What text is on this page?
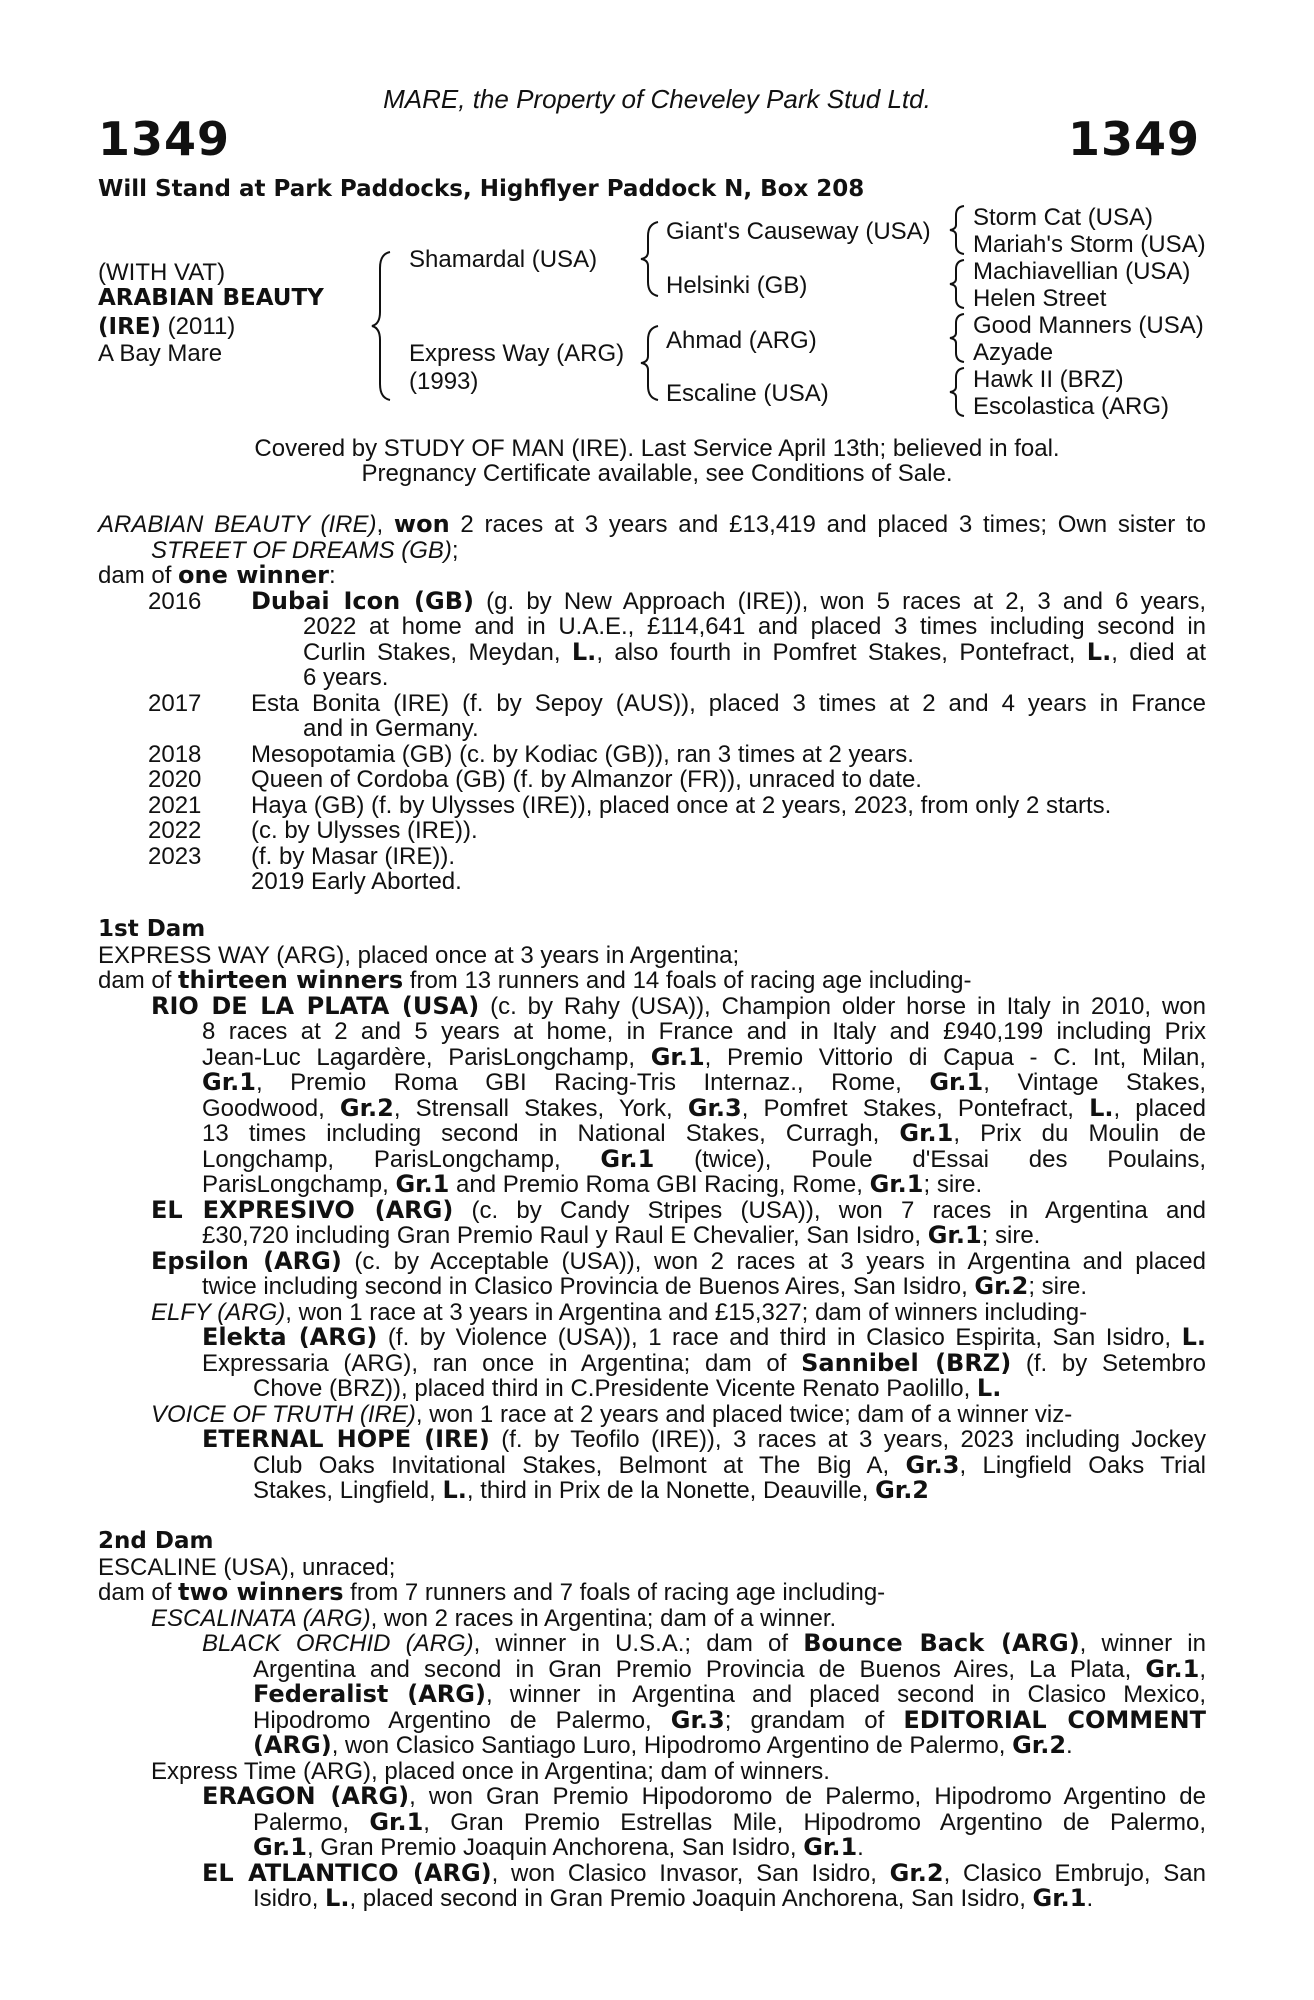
MARE, the Property of Cheveley Park Stud Ltd.
1349	1349
Will Stand at Park Paddocks, Highflyer Paddock N, Box 208
(WITH VAT)
ARABIAN BEAUTY
(IRE) (2011)
A Bay Mare
Shamardal (USA)
Express Way (ARG)
(1993)
Giant's Causeway (USA)
Helsinki (GB)
Ahmad (ARG)
Escaline (USA)
Storm Cat (USA)
Mariah's Storm (USA)
Machiavellian (USA)
Helen Street
Good Manners (USA)
Azyade
Hawk II (BRZ)
Escolastica (ARG)
Covered by STUDY OF MAN (IRE). Last Service April 13th; believed in foal.
Pregnancy Certificate available, see Conditions of Sale.
ARABIAN BEAUTY (IRE), won 2 races at 3 years and £13,419 and placed 3 times; Own sister to
STREET OF DREAMS (GB);
dam of one winner:
2016 Dubai Icon (GB) (g. by New Approach (IRE)), won 5 races at 2, 3 and 6 years,
2022 at home and in U.A.E., £114,641 and placed 3 times including second in
Curlin Stakes, Meydan, L., also fourth in Pomfret Stakes, Pontefract, L., died at
6 years.
2017 Esta Bonita (IRE) (f. by Sepoy (AUS)), placed 3 times at 2 and 4 years in France
and in Germany.
2018 Mesopotamia (GB) (c. by Kodiac (GB)), ran 3 times at 2 years.
2020 Queen of Cordoba (GB) (f. by Almanzor (FR)), unraced to date.
2021 Haya (GB) (f. by Ulysses (IRE)), placed once at 2 years, 2023, from only 2 starts.
2022 (c. by Ulysses (IRE)).
2023 (f. by Masar (IRE)).
2019 Early Aborted.
1st Dam
EXPRESS WAY (ARG), placed once at 3 years in Argentina;
dam of thirteen winners from 13 runners and 14 foals of racing age including-
RIO DE LA PLATA (USA) (c. by Rahy (USA)), Champion older horse in Italy in 2010, won
8 races at 2 and 5 years at home, in France and in Italy and £940,199 including Prix
Jean-Luc Lagardère, ParisLongchamp, Gr.1, Premio Vittorio di Capua - C. Int, Milan,
Gr.1, Premio Roma GBI Racing-Tris Internaz., Rome, Gr.1, Vintage Stakes,
Goodwood, Gr.2, Strensall Stakes, York, Gr.3, Pomfret Stakes, Pontefract, L., placed
13 times including second in National Stakes, Curragh, Gr.1, Prix du Moulin de
Longchamp, ParisLongchamp, Gr.1 (twice), Poule d'Essai des Poulains,
ParisLongchamp, Gr.1 and Premio Roma GBI Racing, Rome, Gr.1; sire.
EL EXPRESIVO (ARG) (c. by Candy Stripes (USA)), won 7 races in Argentina and
£30,720 including Gran Premio Raul y Raul E Chevalier, San Isidro, Gr.1; sire.
Epsilon (ARG) (c. by Acceptable (USA)), won 2 races at 3 years in Argentina and placed
twice including second in Clasico Provincia de Buenos Aires, San Isidro, Gr.2; sire.
ELFY (ARG), won 1 race at 3 years in Argentina and £15,327; dam of winners including-
Elekta (ARG) (f. by Violence (USA)), 1 race and third in Clasico Espirita, San Isidro, L.
Expressaria (ARG), ran once in Argentina; dam of Sannibel (BRZ) (f. by Setembro
Chove (BRZ)), placed third in C.Presidente Vicente Renato Paolillo, L.
VOICE OF TRUTH (IRE), won 1 race at 2 years and placed twice; dam of a winner viz-
ETERNAL HOPE (IRE) (f. by Teofilo (IRE)), 3 races at 3 years, 2023 including Jockey
Club Oaks Invitational Stakes, Belmont at The Big A, Gr.3, Lingfield Oaks Trial
Stakes, Lingfield, L., third in Prix de la Nonette, Deauville, Gr.2
2nd Dam
ESCALINE (USA), unraced;
dam of two winners from 7 runners and 7 foals of racing age including-
ESCALINATA (ARG), won 2 races in Argentina; dam of a winner.
BLACK ORCHID (ARG), winner in U.S.A.; dam of Bounce Back (ARG), winner in
Argentina and second in Gran Premio Provincia de Buenos Aires, La Plata, Gr.1,
Federalist (ARG), winner in Argentina and placed second in Clasico Mexico,
Hipodromo Argentino de Palermo, Gr.3; grandam of EDITORIAL COMMENT
(ARG), won Clasico Santiago Luro, Hipodromo Argentino de Palermo, Gr.2.
Express Time (ARG), placed once in Argentina; dam of winners.
ERAGON (ARG), won Gran Premio Hipodoromo de Palermo, Hipodromo Argentino de
Palermo, Gr.1, Gran Premio Estrellas Mile, Hipodromo Argentino de Palermo,
Gr.1, Gran Premio Joaquin Anchorena, San Isidro, Gr.1.
EL ATLANTICO (ARG), won Clasico Invasor, San Isidro, Gr.2, Clasico Embrujo, San
Isidro, L., placed second in Gran Premio Joaquin Anchorena, San Isidro, Gr.1.
